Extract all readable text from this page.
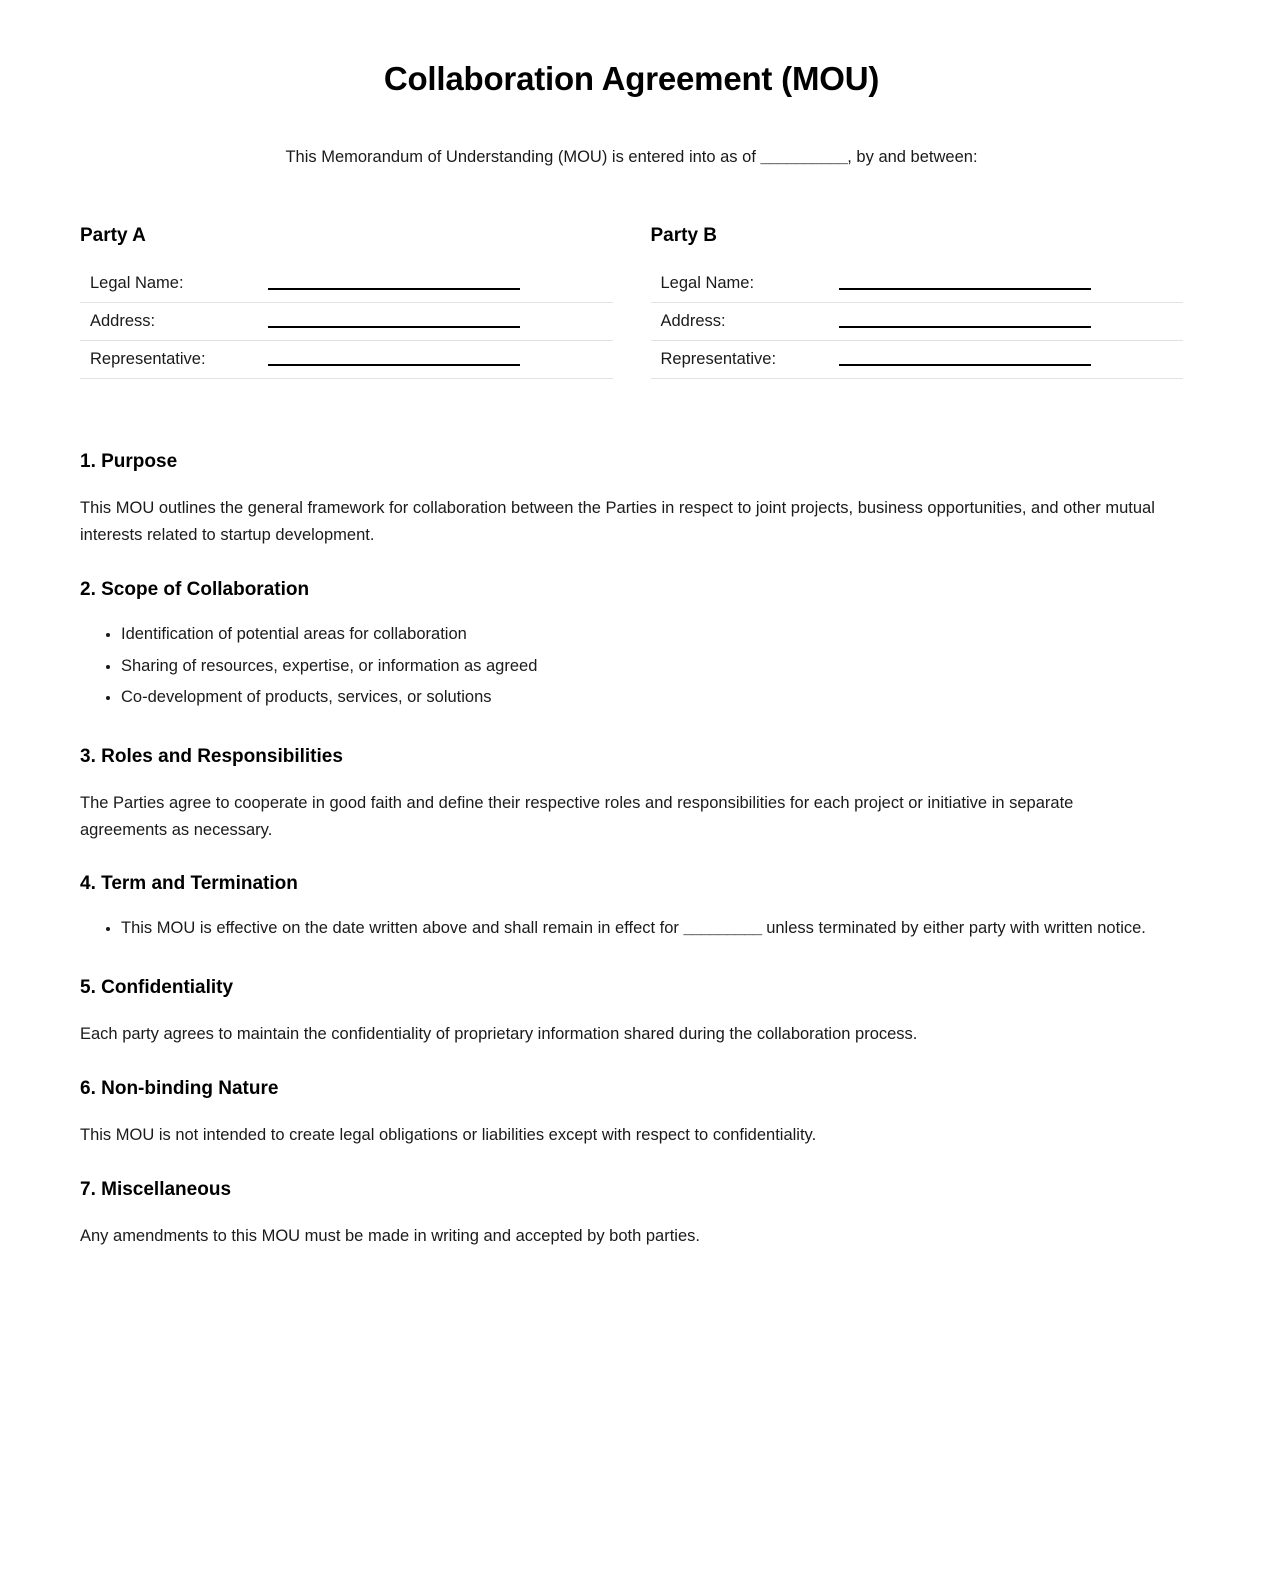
Collaboration Agreement (MOU)

This Memorandum of Understanding (MOU) is entered into as of __________, by and between:

Party A
Legal Name:	

Address:	

Representative:	
Party B
Legal Name:	

Address:	

Representative:	
1. Purpose

This MOU outlines the general framework for collaboration between the Parties in respect to joint projects, business opportunities, and other mutual interests related to startup development.

2. Scope of Collaboration
• Identification of potential areas for collaboration
• Sharing of resources, expertise, or information as agreed
• Co-development of products, services, or solutions
3. Roles and Responsibilities

The Parties agree to cooperate in good faith and define their respective roles and responsibilities for each project or initiative in separate agreements as necessary.

4. Term and Termination
• This MOU is effective on the date written above and shall remain in effect for _________ unless terminated by either party with written notice.
5. Confidentiality

Each party agrees to maintain the confidentiality of proprietary information shared during the collaboration process.

6. Non-binding Nature

This MOU is not intended to create legal obligations or liabilities except with respect to confidentiality.

7. Miscellaneous

Any amendments to this MOU must be made in writing and accepted by both parties.
